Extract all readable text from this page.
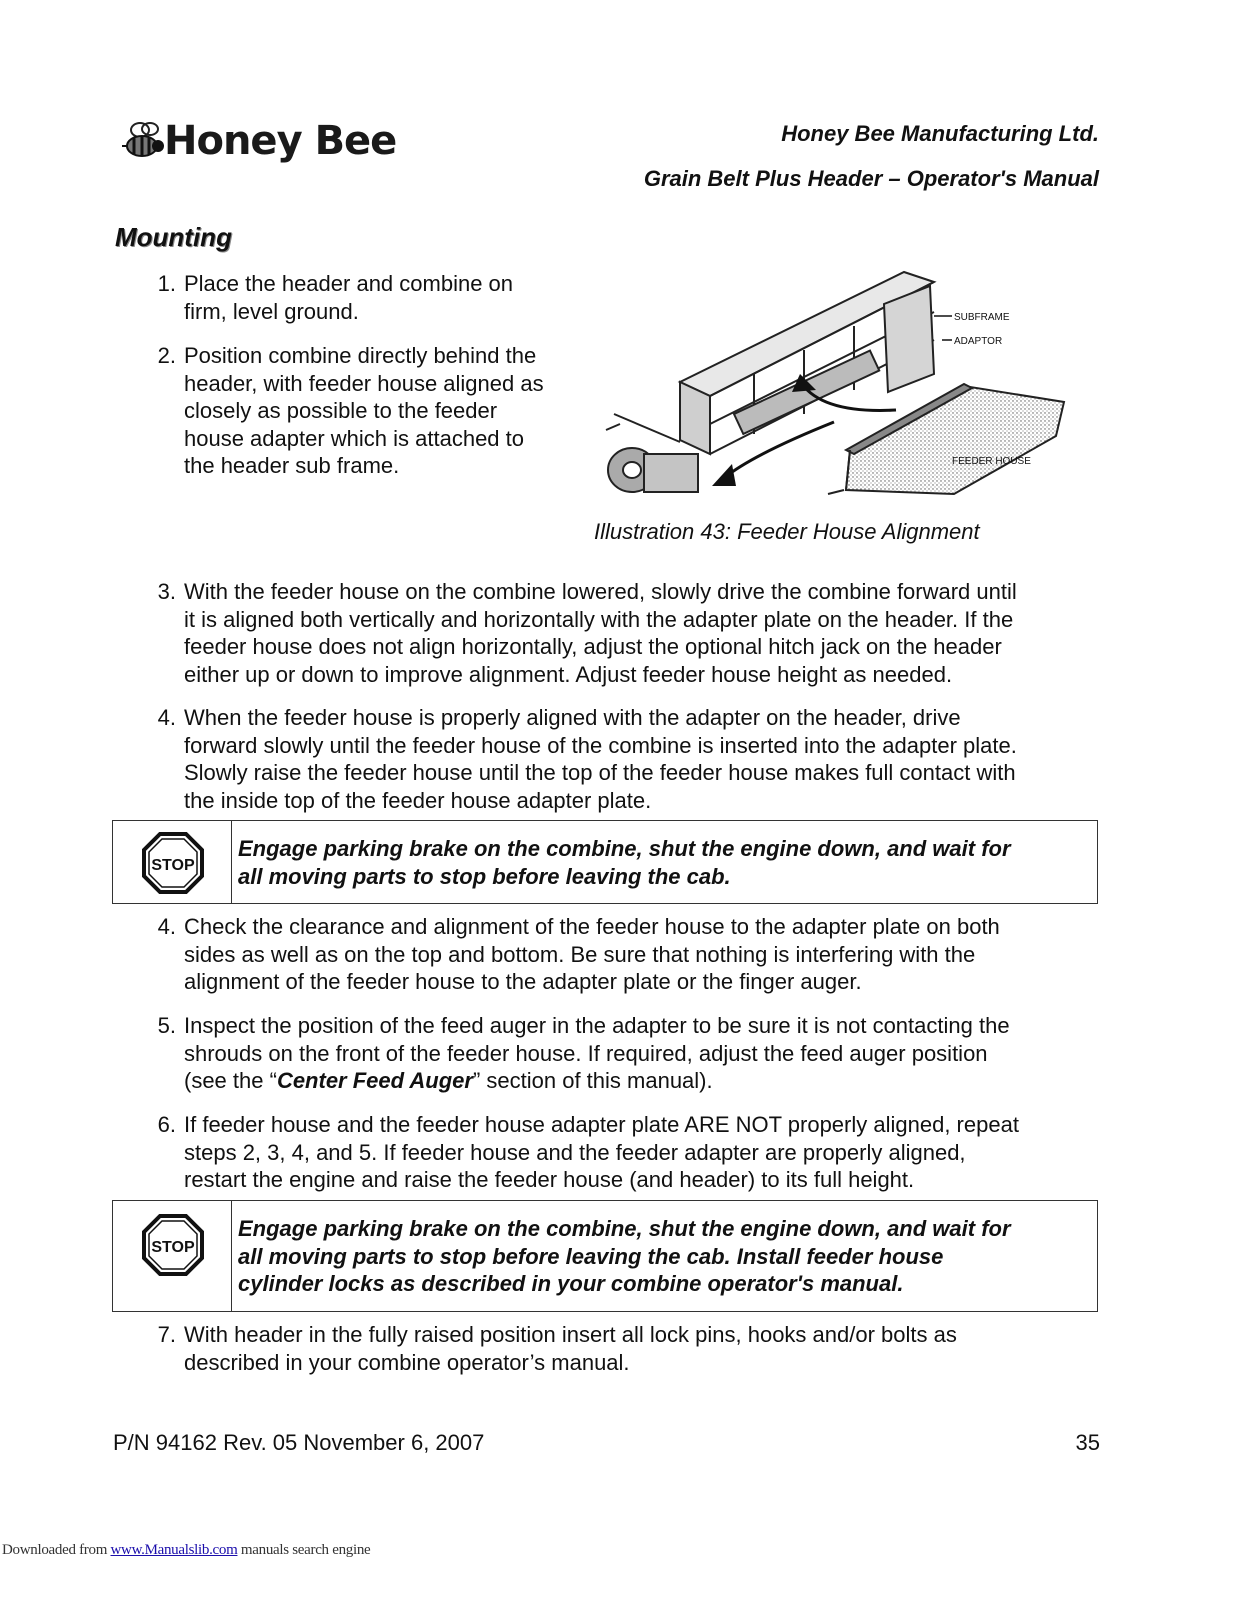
Honey Bee	Honey Bee Manufacturing Ltd.
Grain Belt Plus Header – Operator's Manual
Mounting
1. Place the header and combine on
firm, level ground.
2. Position combine directly behind the
header, with feeder house aligned as
closely as possible to the feeder
house adapter which is attached to
the header sub frame.
SUBFRAME
ADAPTOR
FEEDER HOUSE
Illustration 43: Feeder House Alignment
3. With the feeder house on the combine lowered, slowly drive the combine forward until
it is aligned both vertically and horizontally with the adapter plate on the header. If the
feeder house does not align horizontally, adjust the optional hitch jack on the header
either up or down to improve alignment. Adjust feeder house height as needed.
4. When the feeder house is properly aligned with the adapter on the header, drive
forward slowly until the feeder house of the combine is inserted into the adapter plate.
Slowly raise the feeder house until the top of the feeder house makes full contact with
the inside top of the feeder house adapter plate.
STOP
Engage parking brake on the combine, shut the engine down, and wait for
all moving parts to stop before leaving the cab.
4. Check the clearance and alignment of the feeder house to the adapter plate on both
sides as well as on the top and bottom. Be sure that nothing is interfering with the
alignment of the feeder house to the adapter plate or the finger auger.
5. Inspect the position of the feed auger in the adapter to be sure it is not contacting the
shrouds on the front of the feeder house. If required, adjust the feed auger position
(see the “Center Feed Auger” section of this manual).
6. If feeder house and the feeder house adapter plate ARE NOT properly aligned, repeat
steps 2, 3, 4, and 5. If feeder house and the feeder adapter are properly aligned,
restart the engine and raise the feeder house (and header) to its full height.
STOP
Engage parking brake on the combine, shut the engine down, and wait for
all moving parts to stop before leaving the cab. Install feeder house
cylinder locks as described in your combine operator's manual.
7. With header in the fully raised position insert all lock pins, hooks and/or bolts as
described in your combine operator’s manual.
P/N 94162 Rev. 05 November 6, 2007	35
Downloaded from www.Manualslib.com manuals search engine
